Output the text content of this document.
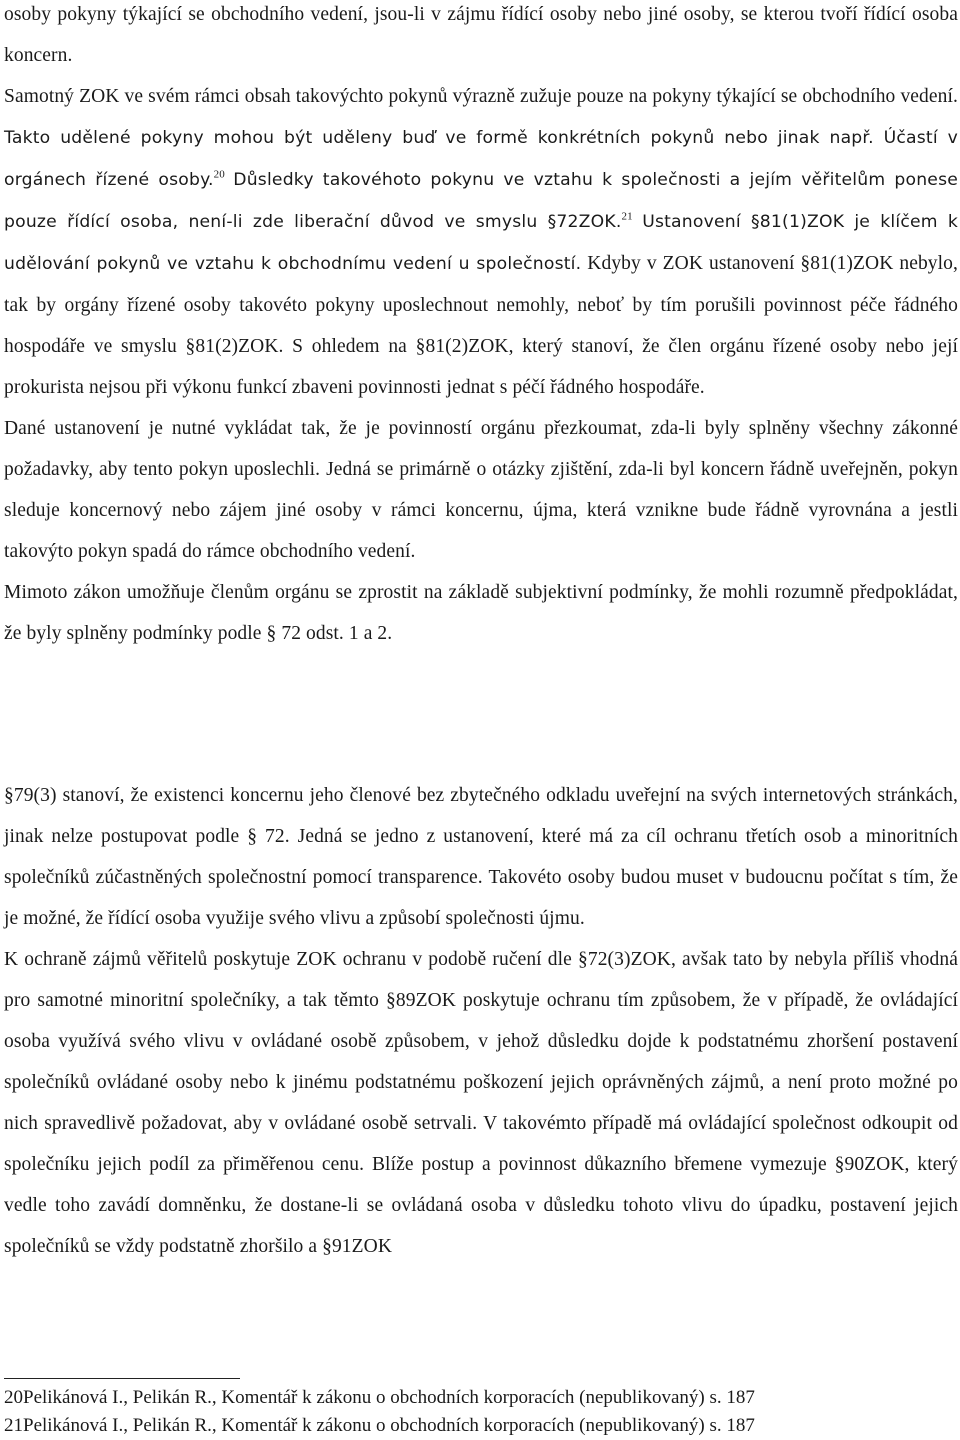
osoby pokyny týkající se obchodního vedení, jsou-li v zájmu řídící osoby nebo jiné osoby, se kterou tvoří řídící osoba koncern.

Samotný ZOK ve svém rámci obsah takovýchto pokynů výrazně zužuje pouze na pokyny týkající se obchodního vedení. Takto udělené pokyny mohou být uděleny buď ve formě konkrétních pokynů nebo jinak např. Účastí v orgánech řízené osoby.$^{20}$ Důsledky takovéhoto pokynu ve vztahu k společnosti a jejím věřitelům ponese pouze řídící osoba, není-li zde liberační důvod ve smyslu §72ZOK.$^{21}$ Ustanovení §81(1)ZOK je klíčem k udělování pokynů ve vztahu k obchodnímu vedení u společností. Kdyby v ZOK ustanovení §81(1)ZOK nebylo, tak by orgány řízené osoby takovéto pokyny uposlechnout nemohly, neboť by tím porušili povinnost péče řádného hospodáře ve smyslu §81(2)ZOK. S ohledem na §81(2)ZOK, který stanoví, že člen orgánu řízené osoby nebo její prokurista nejsou při výkonu funkcí zbaveni povinnosti jednat s péčí řádného hospodáře.

Dané ustanovení je nutné vykládat tak, že je povinností orgánu přezkoumat, zda-li byly splněny všechny zákonné požadavky, aby tento pokyn uposlechli. Jedná se primárně o otázky zjištění, zda-li byl koncern řádně uveřejněn, pokyn sleduje koncernový nebo zájem jiné osoby v rámci koncernu, újma, která vznikne bude řádně vyrovnána a jestli takovýto pokyn spadá do rámce obchodního vedení.

Mimoto zákon umožňuje členům orgánu se zprostit na základě subjektivní podmínky, že mohli rozumně předpokládat, že byly splněny podmínky podle § 72 odst. 1 a 2.

§79(3) stanoví, že existenci koncernu jeho členové bez zbytečného odkladu uveřejní na svých internetových stránkách, jinak nelze postupovat podle § 72. Jedná se jedno z ustanovení, které má za cíl ochranu třetích osob a minoritních společníků zúčastněných společnostní pomocí transparence. Takovéto osoby budou muset v budoucnu počítat s tím, že je možné, že řídící osoba využije svého vlivu a způsobí společnosti újmu.

K ochraně zájmů věřitelů poskytuje ZOK ochranu v podobě ručení dle §72(3)ZOK, avšak tato by nebyla příliš vhodná pro samotné minoritní společníky, a tak těmto §89ZOK poskytuje ochranu tím způsobem, že v případě, že ovládající osoba využívá svého vlivu v ovládané osobě způsobem, v jehož důsledku dojde k podstatnému zhoršení postavení společníků ovládané osoby nebo k jinému podstatnému poškození jejich oprávněných zájmů, a není proto možné po nich spravedlivě požadovat, aby v ovládané osobě setrvali. V takovémto případě má ovládající společnost odkoupit od společníku jejich podíl za přiměřenou cenu. Blíže postup a povinnost důkazního břemene vymezuje §90ZOK, který vedle toho zavádí domněnku, že dostane-li se ovládaná osoba v důsledku tohoto vlivu do úpadku, postavení jejich společníků se vždy podstatně zhoršilo a §91ZOK

20Pelikánová I., Pelikán R., Komentář k zákonu o obchodních korporacích (nepublikovaný) s. 187
21Pelikánová I., Pelikán R., Komentář k zákonu o obchodních korporacích (nepublikovaný) s. 187
